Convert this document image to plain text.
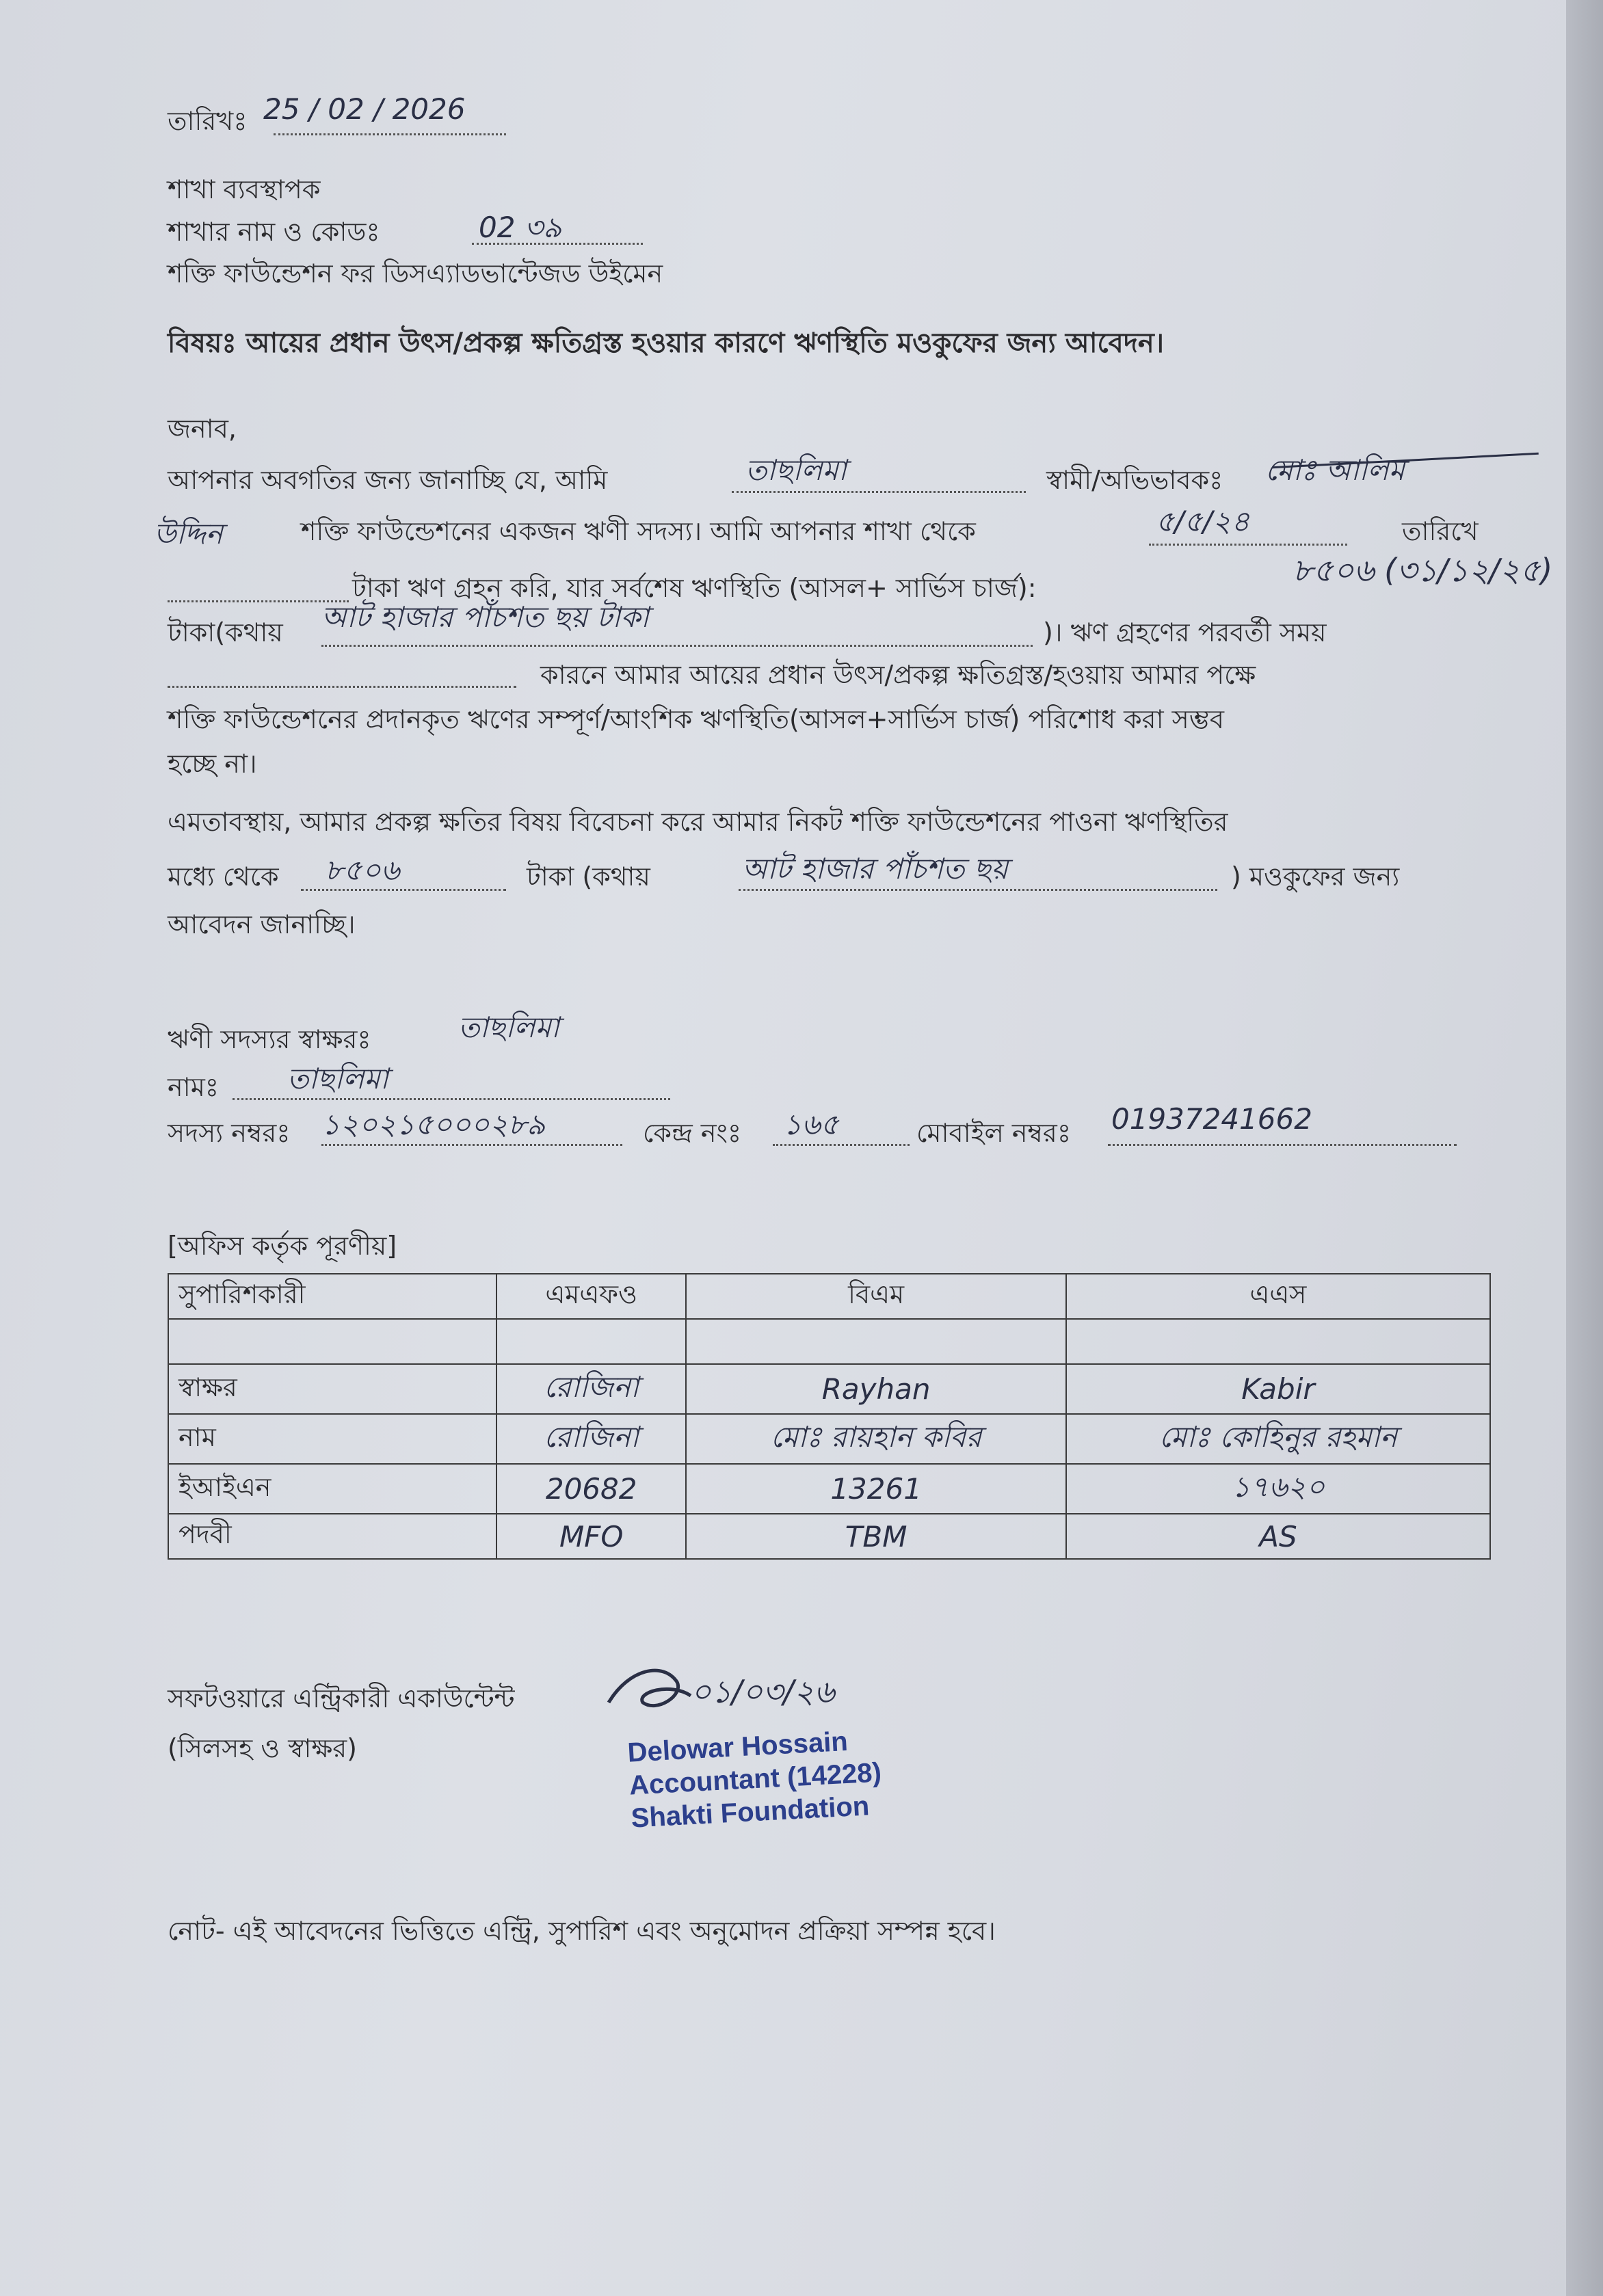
তারিখঃ 25 / 02 / 2026
শাখা ব্যবস্থাপক
শাখার নাম ও কোডঃ	02 ৩৯
শক্তি ফাউন্ডেশন ফর ডিসএ্যাডভান্টেজড উইমেন
বিষয়ঃ আয়ের প্রধান উৎস/প্রকল্প ক্ষতিগ্রস্ত হওয়ার কারণে ঋণস্থিতি মওকুফের জন্য আবেদন।
জনাব,
আপনার অবগতির জন্য জানাচ্ছি যে, আমি	তাছলিমা	স্বামী/অভিভাবকঃ মোঃ আলিম
উদ্দিন	শক্তি ফাউন্ডেশনের একজন ঋণী সদস্য। আমি আপনার শাখা থেকে	৫/৫/২৪	তারিখে
টাকা ঋণ গ্রহন করি, যার সর্বশেষ ঋণস্থিতি (আসল+ সার্ভিস চার্জ):	৮৫০৬ (৩১/১২/২৫)
টাকা(কথায় আট হাজার পাঁচশত ছয় টাকা	)। ঋণ গ্রহণের পরবর্তী সময়
কারনে আমার আয়ের প্রধান উৎস/প্রকল্প ক্ষতিগ্রস্ত/হওয়ায় আমার পক্ষে
শক্তি ফাউন্ডেশনের প্রদানকৃত ঋণের সম্পূর্ণ/আংশিক ঋণস্থিতি(আসল+সার্ভিস চার্জ) পরিশোধ করা সম্ভব
হচ্ছে না।
এমতাবস্থায়, আমার প্রকল্প ক্ষতির বিষয় বিবেচনা করে আমার নিকট শক্তি ফাউন্ডেশনের পাওনা ঋণস্থিতির
মধ্যে থেকে ৮৫০৬	টাকা (কথায়	আট হাজার পাঁচশত ছয়	) মওকুফের জন্য
আবেদন জানাচ্ছি।
ঋণী সদস্যর স্বাক্ষরঃ	তাছলিমা
নামঃ তাছলিমা
সদস্য নম্বরঃ ১২০২১৫০০০২৮৯	কেন্দ্র নংঃ ১৬৫	মোবাইল নম্বরঃ 01937241662
[অফিস কর্তৃক পূরণীয়]
সুপারিশকারী	এমএফও	বিএম	এএস

স্বাক্ষর	রোজিনা	Rayhan	Kabir
নাম	রোজিনা	মোঃ রায়হান কবির	মোঃ কোহিনুর রহমান
ইআইএন	20682	13261	১৭৬২০
পদবী	MFO	TBM	AS
সফটওয়ারে এন্ট্রিকারী একাউন্টেন্ট
(সিলসহ ও স্বাক্ষর)
০১/০৩/২৬
Delowar Hossain
Accountant (14228)
Shakti Foundation
নোট- এই আবেদনের ভিত্তিতে এন্ট্রি, সুপারিশ এবং অনুমোদন প্রক্রিয়া সম্পন্ন হবে।
